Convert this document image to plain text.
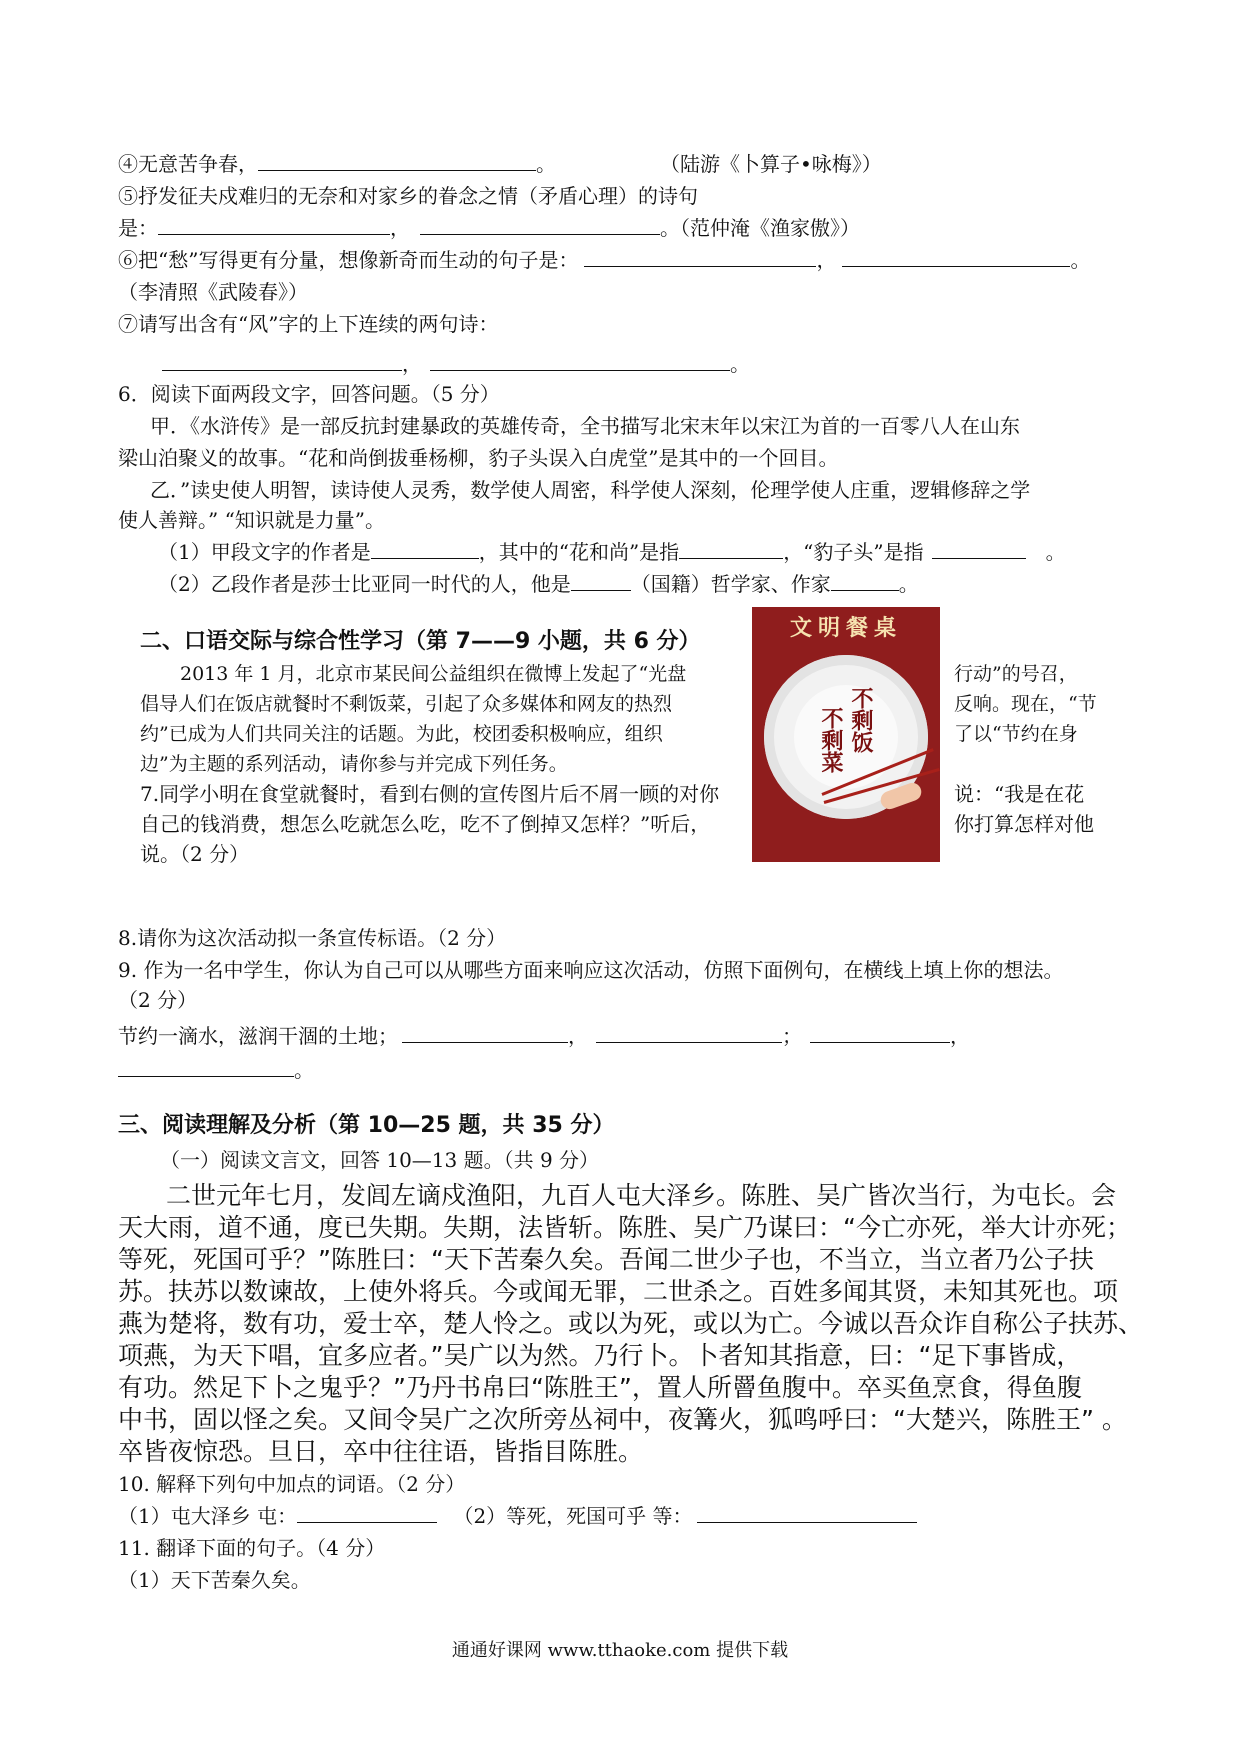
④无意苦争春，	。	（陆游《卜算子•咏梅》）
⑤抒发征夫戍难归的无奈和对家乡的眷念之情（矛盾心理）的诗句
是：	，	。（范仲淹《渔家傲》）
⑥把“愁”写得更有分量，想像新奇而生动的句子是：	，	。
（李清照《武陵春》）
⑦请写出含有“风”字的上下连续的两句诗：
，	。
6．阅读下面两段文字，回答问题。（5 分）
甲．《水浒传》是一部反抗封建暴政的英雄传奇，全书描写北宋末年以宋江为首的一百零八人在山东
梁山泊聚义的故事。“花和尚倒拔垂杨柳，豹子头误入白虎堂”是其中的一个回目。
乙．”读史使人明智，读诗使人灵秀，数学使人周密，科学使人深刻，伦理学使人庄重，逻辑修辞之学
使人善辩。” “知识就是力量”。
（1）甲段文字的作者是	，其中的“花和尚”是指	，“豹子头”是指	。
（2）乙段作者是莎士比亚同一时代的人，他是	（国籍）哲学家、作家	。
二、口语交际与综合性学习（第 7——9 小题，共 6 分）
2013 年 1 月，北京市某民间公益组织在微博上发起了“光盘
倡导人们在饭店就餐时不剩饭菜，引起了众多媒体和网友的热烈
约”已成为人们共同关注的话题。为此，校团委积极响应，组织
边”为主题的系列活动，请你参与并完成下列任务。
行动”的号召，
反响。现在，“节
了以“节约在身
7.同学小明在食堂就餐时，看到右侧的宣传图片后不屑一顾的对你	说：“我是在花
自己的钱消费，想怎么吃就怎么吃，吃不了倒掉又怎样？”听后，	你打算怎样对他
说。（2 分）
文明餐桌
不剩饭
不剩菜
8.请你为这次活动拟一条宣传标语。（2 分）
9. 作为一名中学生，你认为自己可以从哪些方面来响应这次活动，仿照下面例句，在横线上填上你的想法。
（2 分）
节约一滴水，滋润干涸的土地；	，	；	，
。
三、阅读理解及分析（第 10—25 题，共 35 分）
（一）阅读文言文，回答 10—13 题。（共 9 分）
二世元年七月，发闾左谪戍渔阳，九百人屯大泽乡。陈胜、吴广皆次当行，为屯长。会
天大雨，道不通，度已失期。失期，法皆斩。陈胜、吴广乃谋曰：“今亡亦死，举大计亦死；
等死，死国可乎？”陈胜曰：“天下苦秦久矣。吾闻二世少子也，不当立，当立者乃公子扶
苏。扶苏以数谏故，上使外将兵。今或闻无罪，二世杀之。百姓多闻其贤，未知其死也。项
燕为楚将，数有功，爱士卒，楚人怜之。或以为死，或以为亡。今诚以吾众诈自称公子扶苏、
项燕，为天下唱，宜多应者。”吴广以为然。乃行卜。卜者知其指意，曰：“足下事皆成，
有功。然足下卜之鬼乎？”乃丹书帛曰“陈胜王”，置人所罾鱼腹中。卒买鱼烹食，得鱼腹
中书，固以怪之矣。又间令吴广之次所旁丛祠中，夜篝火，狐鸣呼曰：“大楚兴，陈胜王” 。
卒皆夜惊恐。旦日，卒中往往语，皆指目陈胜。
10. 解释下列句中加点的词语。（2 分）
（1）屯大泽乡 屯：	（2）等死，死国可乎 等：
11. 翻译下面的句子。（4 分）
（1）天下苦秦久矣。
通通好课网 www.tthaoke.com 提供下载
